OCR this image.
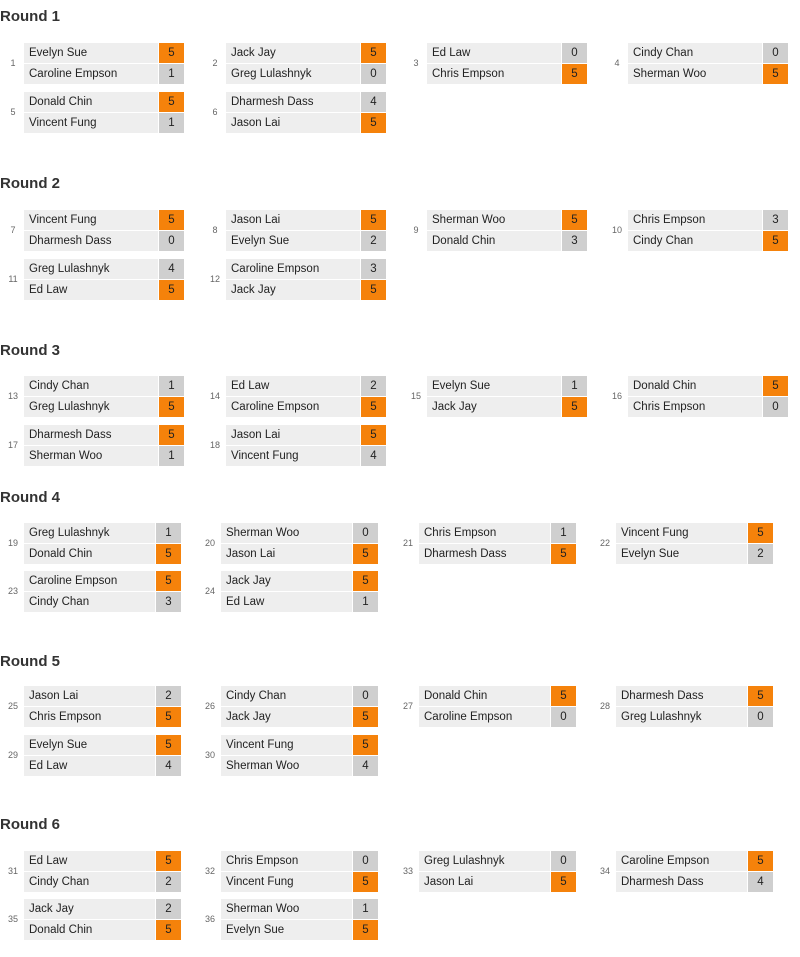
Round 1
1
Evelyn Sue	5
Caroline Empson	1
2
Jack Jay	5
Greg Lulashnyk	0
3
Ed Law	0
Chris Empson	5
4
Cindy Chan	0
Sherman Woo	5
5
Donald Chin	5
Vincent Fung	1
6
Dharmesh Dass	4
Jason Lai	5
Round 2
7
Vincent Fung	5
Dharmesh Dass	0
8
Jason Lai	5
Evelyn Sue	2
9
Sherman Woo	5
Donald Chin	3
10
Chris Empson	3
Cindy Chan	5
11
Greg Lulashnyk	4
Ed Law	5
12
Caroline Empson	3
Jack Jay	5
Round 3
13
Cindy Chan	1
Greg Lulashnyk	5
14
Ed Law	2
Caroline Empson	5
15
Evelyn Sue	1
Jack Jay	5
16
Donald Chin	5
Chris Empson	0
17
Dharmesh Dass	5
Sherman Woo	1
18
Jason Lai	5
Vincent Fung	4
Round 4
19
Greg Lulashnyk	1
Donald Chin	5
20
Sherman Woo	0
Jason Lai	5
21
Chris Empson	1
Dharmesh Dass	5
22
Vincent Fung	5
Evelyn Sue	2
23
Caroline Empson	5
Cindy Chan	3
24
Jack Jay	5
Ed Law	1
Round 5
25
Jason Lai	2
Chris Empson	5
26
Cindy Chan	0
Jack Jay	5
27
Donald Chin	5
Caroline Empson	0
28
Dharmesh Dass	5
Greg Lulashnyk	0
29
Evelyn Sue	5
Ed Law	4
30
Vincent Fung	5
Sherman Woo	4
Round 6
31
Ed Law	5
Cindy Chan	2
32
Chris Empson	0
Vincent Fung	5
33
Greg Lulashnyk	0
Jason Lai	5
34
Caroline Empson	5
Dharmesh Dass	4
35
Jack Jay	2
Donald Chin	5
36
Sherman Woo	1
Evelyn Sue	5
